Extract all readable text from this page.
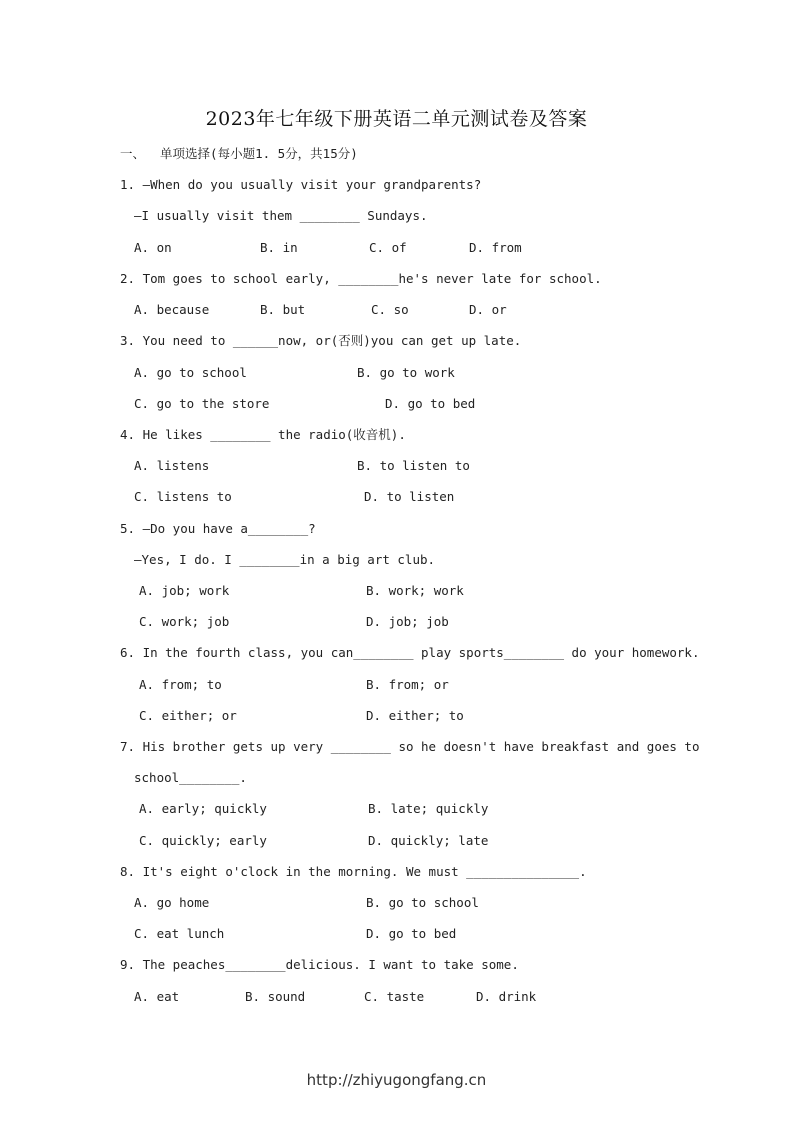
2023年七年级下册英语二单元测试卷及答案
一、  单项选择(每小题1. 5分，共15分)
1. —When do you usually visit your grandparents?
—I usually visit them ________ Sundays.
A. on	B. in	C. of	D. from
2. Tom goes to school early, ________he's never late for school.
A. because	B. but	C. so	D. or
3. You need to ______now, or(否则)you can get up late.
A. go to school	B. go to work
C. go to the store	D. go to bed
4. He likes ________ the radio(收音机).
A. listens	B. to listen to
C. listens to	D. to listen
5. —Do you have a________?
—Yes, I do. I ________in a big art club.
A. job; work	B. work; work
C. work; job	D. job; job
6. In the fourth class, you can________ play sports________ do your homework.
A. from; to	B. from; or
C. either; or	D. either; to
7. His brother gets up very ________ so he doesn't have breakfast and goes to
school________.
A. early; quickly	B. late; quickly
C. quickly; early	D. quickly; late
8. It's eight o'clock in the morning. We must _______________.
A. go home	B. go to school
C. eat lunch	D. go to bed
9. The peaches________delicious. I want to take some.
A. eat	B. sound	C. taste	D. drink
http://zhiyugongfang.cn
